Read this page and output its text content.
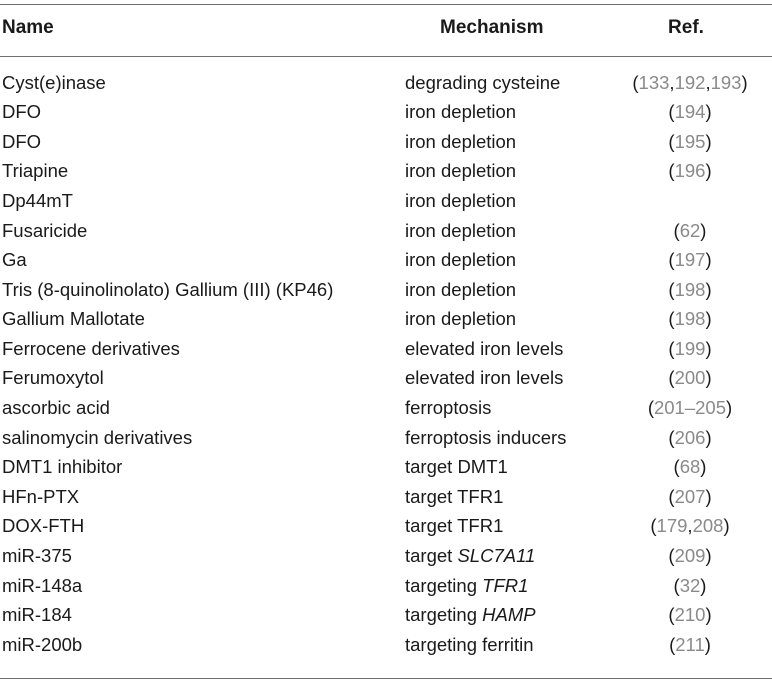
Name	Mechanism	Ref.

Cyst(e)inase	degrading cysteine	(133,192,193)
DFO	iron depletion	(194)
DFO	iron depletion	(195)
Triapine	iron depletion	(196)
Dp44mT	iron depletion	
Fusaricide	iron depletion	(62)
Ga	iron depletion	(197)
Tris (8-quinolinolato) Gallium (III) (KP46)	iron depletion	(198)
Gallium Mallotate	iron depletion	(198)
Ferrocene derivatives	elevated iron levels	(199)
Ferumoxytol	elevated iron levels	(200)
ascorbic acid	ferroptosis	(201–205)
salinomycin derivatives	ferroptosis inducers	(206)
DMT1 inhibitor	target DMT1	(68)
HFn-PTX	target TFR1	(207)
DOX-FTH	target TFR1	(179,208)
miR-375	target SLC7A11	(209)
miR-148a	targeting TFR1	(32)
miR-184	targeting HAMP	(210)
miR-200b	targeting ferritin	(211)
